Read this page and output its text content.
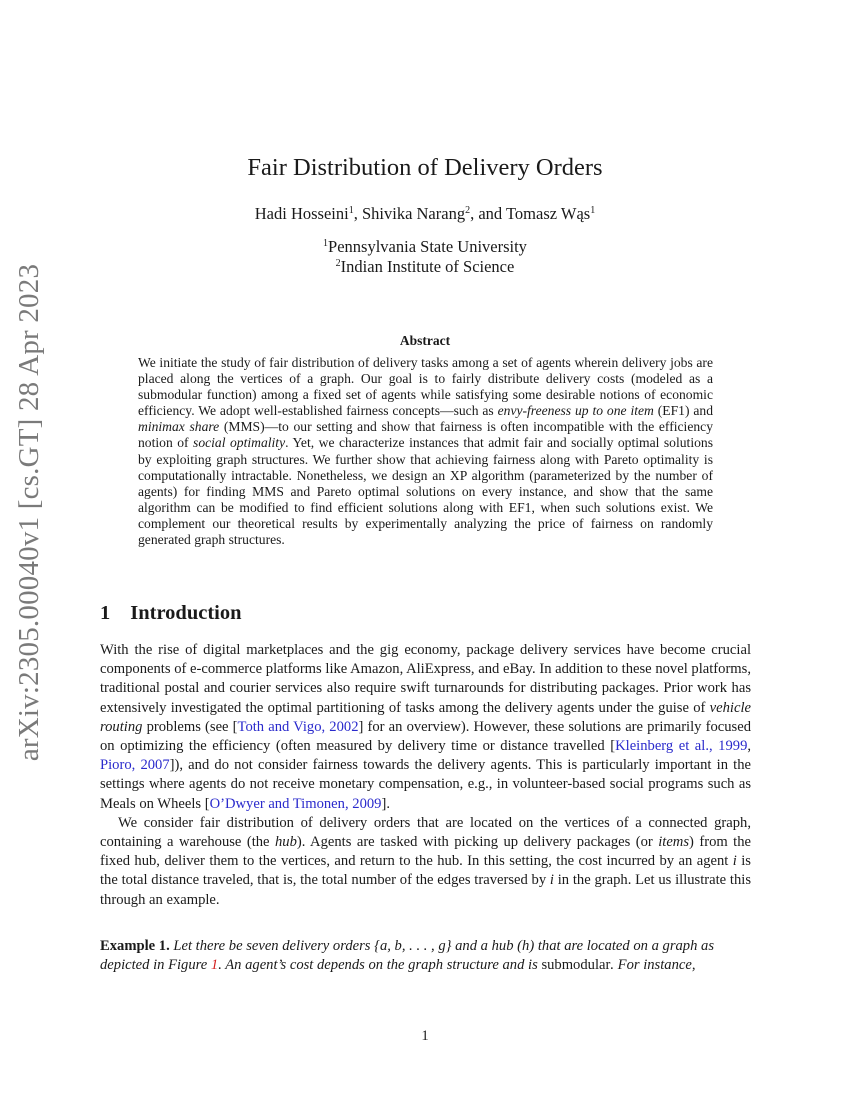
arXiv:2305.00040v1 [cs.GT] 28 Apr 2023
Fair Distribution of Delivery Orders
Hadi Hosseini$^1$, Shivika Narang$^2$, and Tomasz Wąs$^1$
$^1$Pennsylvania State University
$^2$Indian Institute of Science
Abstract
We initiate the study of fair distribution of delivery tasks among a set of agents wherein delivery jobs are placed along the vertices of a graph. Our goal is to fairly distribute delivery costs (modeled as a submodular function) among a fixed set of agents while satisfying some desirable notions of economic efficiency. We adopt well-established fairness concepts—such as envy-freeness up to one item (EF1) and minimax share (MMS)—to our setting and show that fairness is often incompatible with the efficiency notion of social optimality. Yet, we characterize instances that admit fair and socially optimal solutions by exploiting graph structures. We further show that achieving fairness along with Pareto optimality is computationally intractable. Nonetheless, we design an XP algorithm (parameterized by the number of agents) for finding MMS and Pareto optimal solutions on every instance, and show that the same algorithm can be modified to find efficient solutions along with EF1, when such solutions exist. We complement our theoretical results by experimentally analyzing the price of fairness on randomly generated graph structures.
1 Introduction

With the rise of digital marketplaces and the gig economy, package delivery services have become crucial components of e-commerce platforms like Amazon, AliExpress, and eBay. In addition to these novel platforms, traditional postal and courier services also require swift turnarounds for distributing packages. Prior work has extensively investigated the optimal partitioning of tasks among the delivery agents under the guise of vehicle routing problems (see [Toth and Vigo, 2002] for an overview). However, these solutions are primarily focused on optimizing the efficiency (often measured by delivery time or distance travelled [Kleinberg et al., 1999, Pioro, 2007]), and do not consider fairness towards the delivery agents. This is particularly important in the settings where agents do not receive monetary compensation, e.g., in volunteer-based social programs such as Meals on Wheels [O’Dwyer and Timonen, 2009].

We consider fair distribution of delivery orders that are located on the vertices of a connected graph, containing a warehouse (the hub). Agents are tasked with picking up delivery packages (or items) from the fixed hub, deliver them to the vertices, and return to the hub. In this setting, the cost incurred by an agent i is the total distance traveled, that is, the total number of the edges traversed by i in the graph. Let us illustrate this through an example.

Example 1. Let there be seven delivery orders {a, b, . . . , g} and a hub (h) that are located on a graph as depicted in Figure 1. An agent’s cost depends on the graph structure and is submodular. For instance,
1
